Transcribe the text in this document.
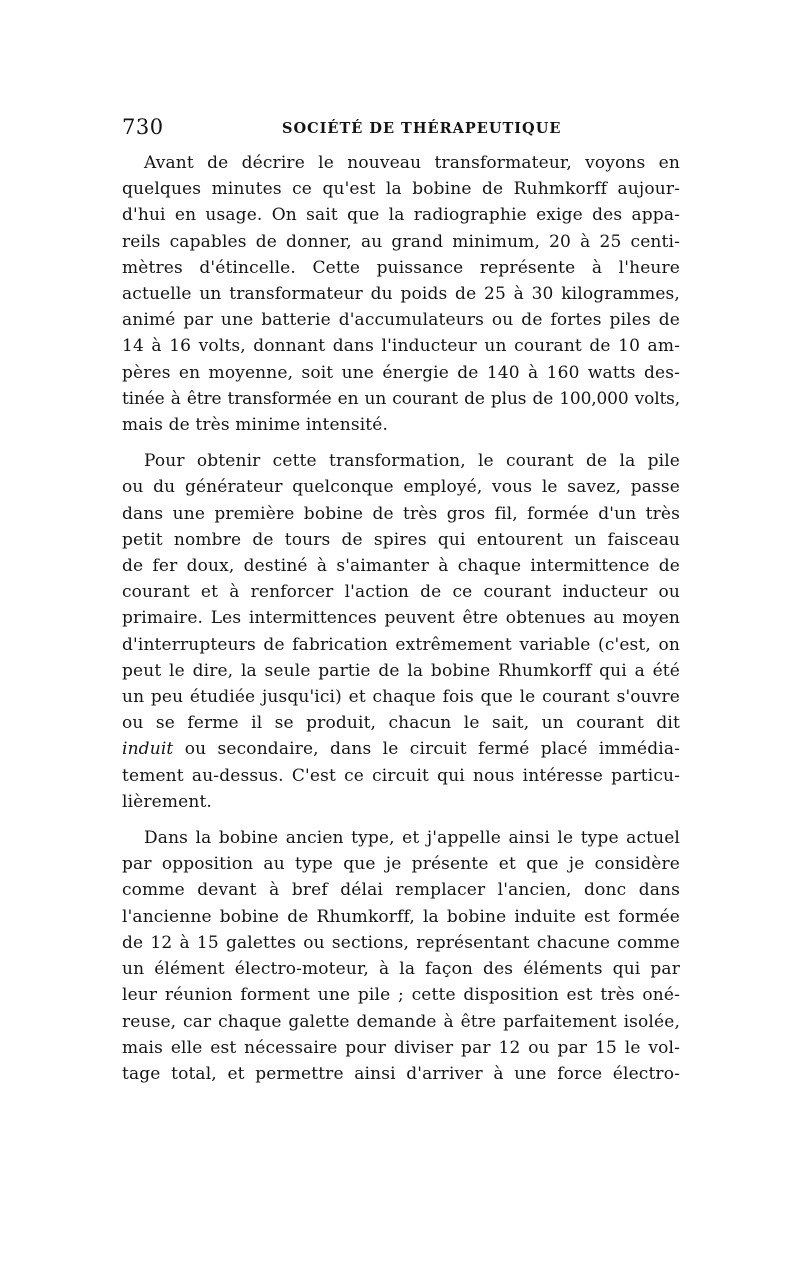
730	SOCIÉTÉ DE THÉRAPEUTIQUE

Avant de décrire le nouveau transformateur, voyons en
quelques minutes ce qu'est la bobine de Ruhmkorff aujour-
d'hui en usage. On sait que la radiographie exige des appa-
reils capables de donner, au grand minimum, 20 à 25 centi-
mètres d'étincelle. Cette puissance représente à l'heure
actuelle un transformateur du poids de 25 à 30 kilogrammes,
animé par une batterie d'accumulateurs ou de fortes piles de
14 à 16 volts, donnant dans l'inducteur un courant de 10 am-
pères en moyenne, soit une énergie de 140 à 160 watts des-
tinée à être transformée en un courant de plus de 100,000 volts,
mais de très minime intensité.

Pour obtenir cette transformation, le courant de la pile
ou du générateur quelconque employé, vous le savez, passe
dans une première bobine de très gros fil, formée d'un très
petit nombre de tours de spires qui entourent un faisceau
de fer doux, destiné à s'aimanter à chaque intermittence de
courant et à renforcer l'action de ce courant inducteur ou
primaire. Les intermittences peuvent être obtenues au moyen
d'interrupteurs de fabrication extrêmement variable (c'est, on
peut le dire, la seule partie de la bobine Rhumkorff qui a été
un peu étudiée jusqu'ici) et chaque fois que le courant s'ouvre
ou se ferme il se produit, chacun le sait, un courant dit
induit ou secondaire, dans le circuit fermé placé immédia-
tement au-dessus. C'est ce circuit qui nous intéresse particu-
lièrement.

Dans la bobine ancien type, et j'appelle ainsi le type actuel
par opposition au type que je présente et que je considère
comme devant à bref délai remplacer l'ancien, donc dans
l'ancienne bobine de Rhumkorff, la bobine induite est formée
de 12 à 15 galettes ou sections, représentant chacune comme
un élément électro-moteur, à la façon des éléments qui par
leur réunion forment une pile ; cette disposition est très oné-
reuse, car chaque galette demande à être parfaitement isolée,
mais elle est nécessaire pour diviser par 12 ou par 15 le vol-
tage total, et permettre ainsi d'arriver à une force électro-
